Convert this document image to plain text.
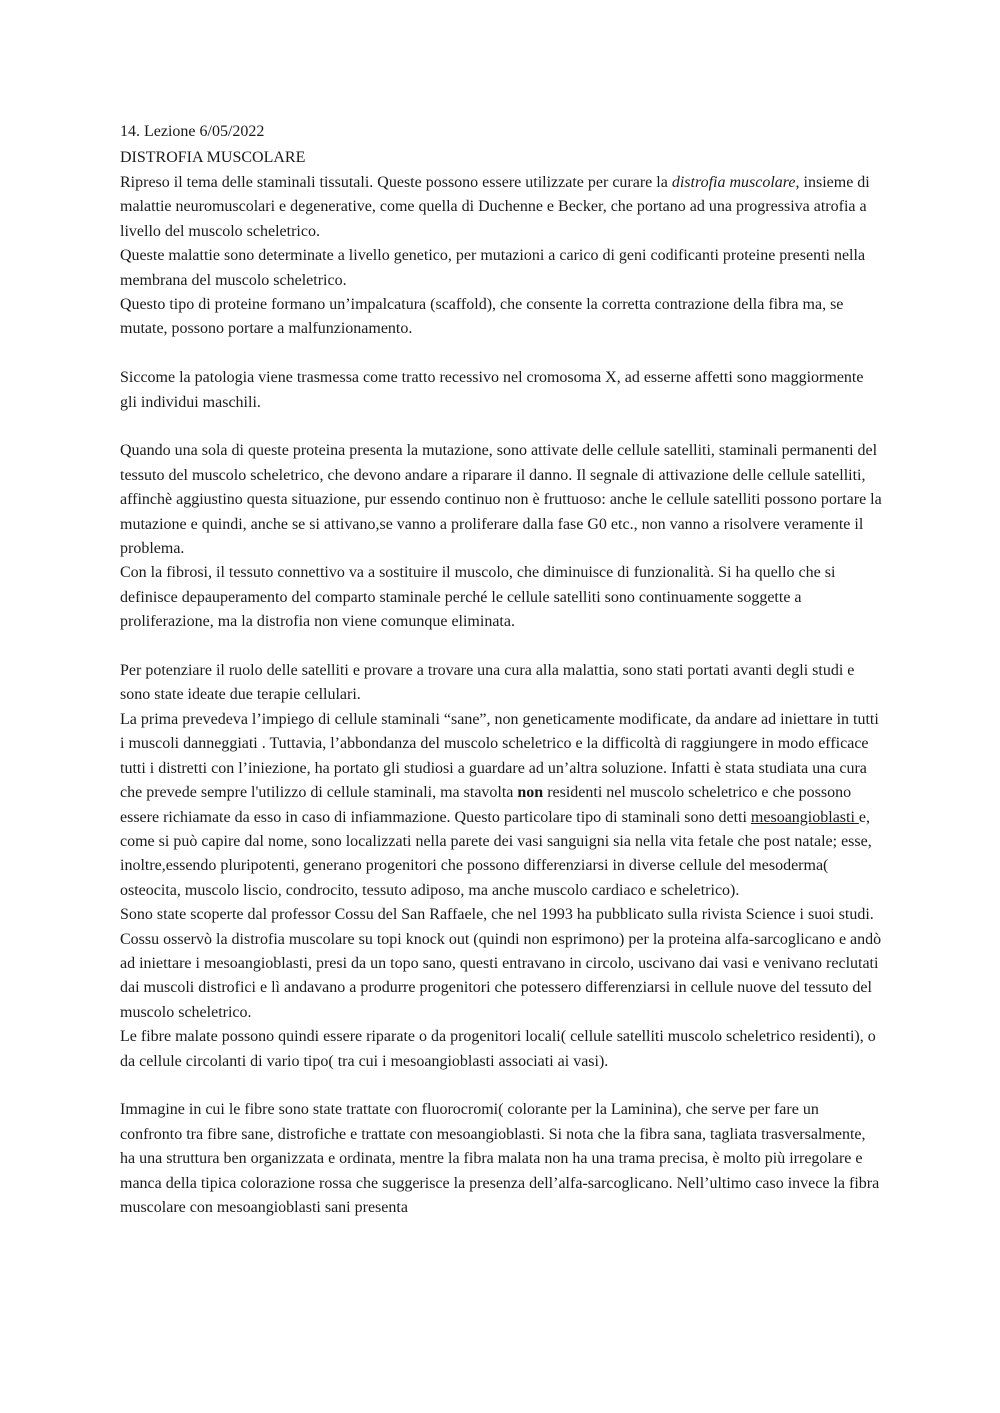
14. Lezione 6/05/2022

DISTROFIA MUSCOLARE

Ripreso il tema delle staminali tissutali. Queste possono essere utilizzate per curare la distrofia muscolare, insieme di malattie neuromuscolari e degenerative, come quella di Duchenne e Becker, che portano ad una progressiva atrofia a livello del muscolo scheletrico.

Queste malattie sono determinate a livello genetico, per mutazioni a carico di geni codificanti proteine presenti nella membrana del muscolo scheletrico.

Questo tipo di proteine formano un’impalcatura (scaffold), che consente la corretta contrazione della fibra ma, se mutate, possono portare a malfunzionamento.

Siccome la patologia viene trasmessa come tratto recessivo nel cromosoma X, ad esserne affetti sono maggiormente gli individui maschili.

Quando una sola di queste proteina presenta la mutazione, sono attivate delle cellule satelliti, staminali permanenti del tessuto del muscolo scheletrico, che devono andare a riparare il danno. Il segnale di attivazione delle cellule satelliti, affinchè aggiustino questa situazione, pur essendo continuo non è fruttuoso: anche le cellule satelliti possono portare la mutazione e quindi, anche se si attivano,se vanno a proliferare dalla fase G0 etc., non vanno a risolvere veramente il problema.

Con la fibrosi, il tessuto connettivo va a sostituire il muscolo, che diminuisce di funzionalità. Si ha quello che si definisce depauperamento del comparto staminale perché le cellule satelliti sono continuamente soggette a proliferazione, ma la distrofia non viene comunque eliminata.

Per potenziare il ruolo delle satelliti e provare a trovare una cura alla malattia, sono stati portati avanti degli studi e sono state ideate due terapie cellulari.

La prima prevedeva l’impiego di cellule staminali “sane”, non geneticamente modificate, da andare ad iniettare in tutti i muscoli danneggiati . Tuttavia, l’abbondanza del muscolo scheletrico e la difficoltà di raggiungere in modo efficace tutti i distretti con l’iniezione, ha portato gli studiosi a guardare ad un’altra soluzione. Infatti è stata studiata una cura che prevede sempre l'utilizzo di cellule staminali, ma stavolta non residenti nel muscolo scheletrico e che possono essere richiamate da esso in caso di infiammazione. Questo particolare tipo di staminali sono detti mesoangioblasti e, come si può capire dal nome, sono localizzati nella parete dei vasi sanguigni sia nella vita fetale che post natale; esse, inoltre,essendo pluripotenti, generano progenitori che possono differenziarsi in diverse cellule del mesoderma( osteocita, muscolo liscio, condrocito, tessuto adiposo, ma anche muscolo cardiaco e scheletrico).

Sono state scoperte dal professor Cossu del San Raffaele, che nel 1993 ha pubblicato sulla rivista Science i suoi studi. Cossu osservò la distrofia muscolare su topi knock out (quindi non esprimono) per la proteina alfa-sarcoglicano e andò ad iniettare i mesoangioblasti, presi da un topo sano, questi entravano in circolo, uscivano dai vasi e venivano reclutati dai muscoli distrofici e lì andavano a produrre progenitori che potessero differenziarsi in cellule nuove del tessuto del muscolo scheletrico.

Le fibre malate possono quindi essere riparate o da progenitori locali( cellule satelliti muscolo scheletrico residenti), o da cellule circolanti di vario tipo( tra cui i mesoangioblasti associati ai vasi).

Immagine in cui le fibre sono state trattate con fluorocromi( colorante per la Laminina), che serve per fare un confronto tra fibre sane, distrofiche e trattate con mesoangioblasti. Si nota che la fibra sana, tagliata trasversalmente, ha una struttura ben organizzata e ordinata, mentre la fibra malata non ha una trama precisa, è molto più irregolare e manca della tipica colorazione rossa che suggerisce la presenza dell’alfa-sarcoglicano. Nell’ultimo caso invece la fibra muscolare con mesoangioblasti sani presenta
